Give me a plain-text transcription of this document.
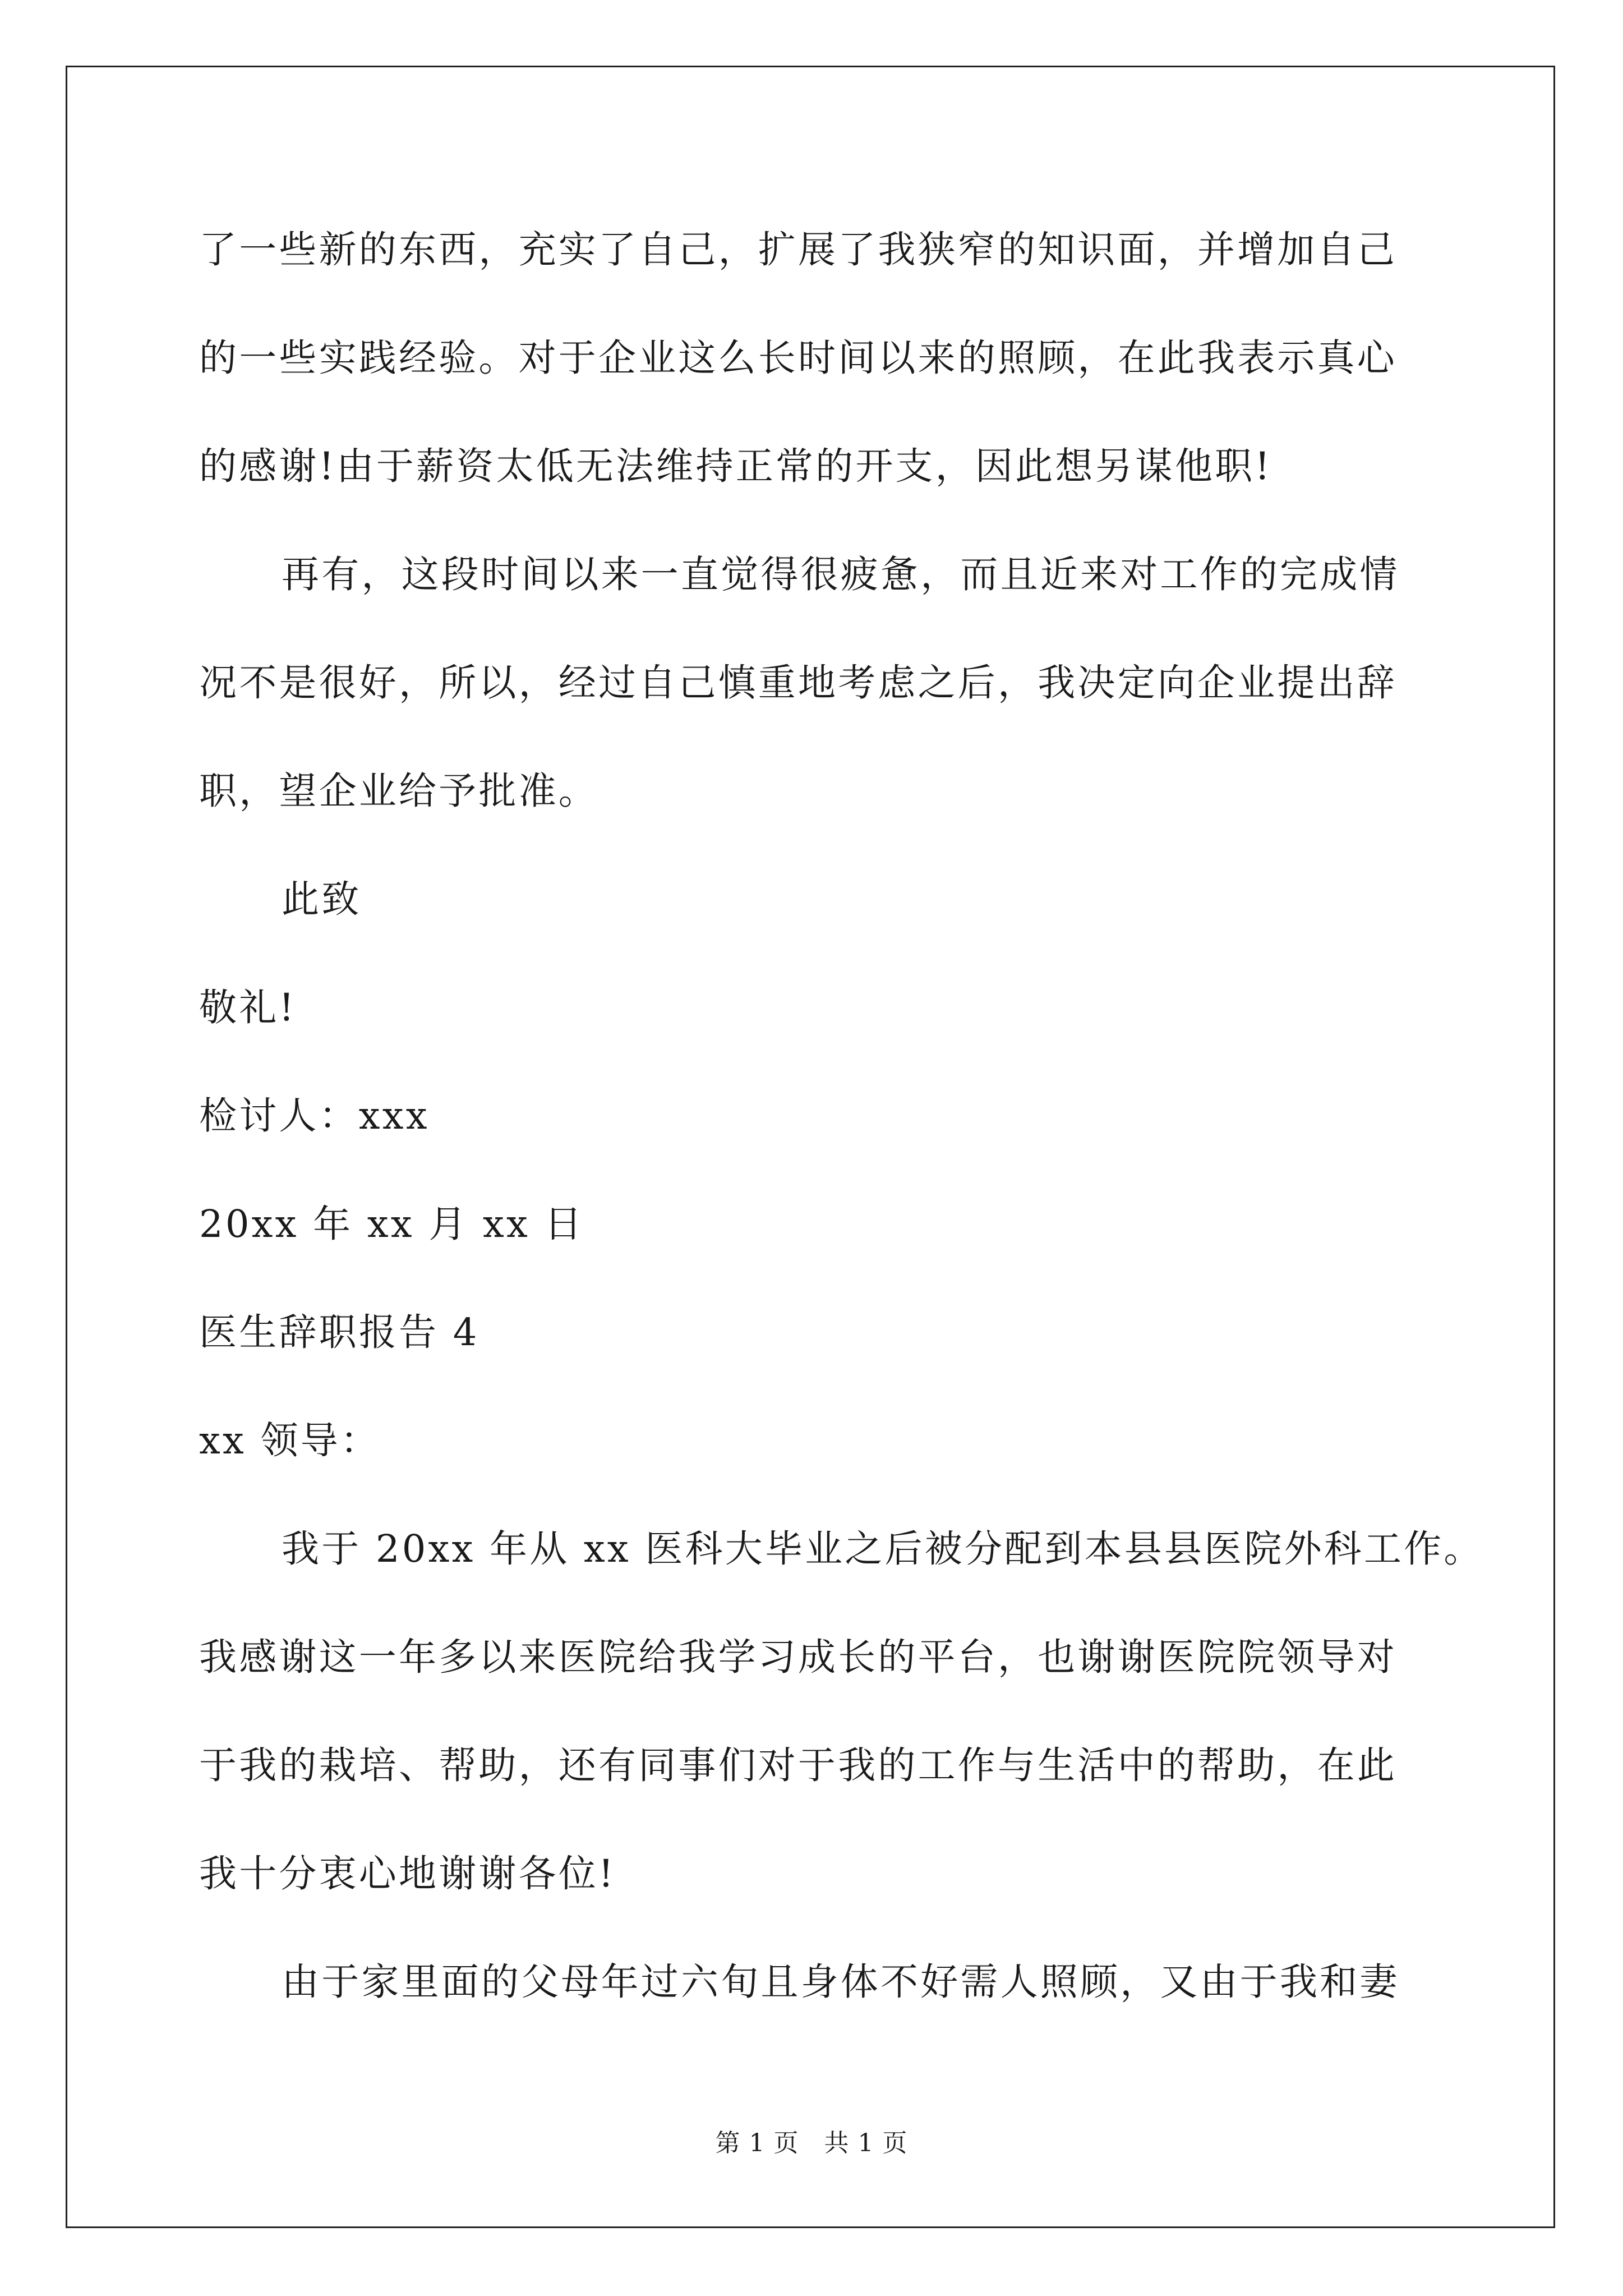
了一些新的东西，充实了自己，扩展了我狭窄的知识面，并增加自己
的一些实践经验。对于企业这么长时间以来的照顾，在此我表示真心
的感谢!由于薪资太低无法维持正常的开支，因此想另谋他职!
再有，这段时间以来一直觉得很疲惫，而且近来对工作的完成情
况不是很好，所以，经过自己慎重地考虑之后，我决定向企业提出辞
职，望企业给予批准。
此致
敬礼!
检讨人：xxx
20xx 年 xx 月 xx 日
医生辞职报告 4
xx 领导：
我于 20xx 年从 xx 医科大毕业之后被分配到本县县医院外科工作。
我感谢这一年多以来医院给我学习成长的平台，也谢谢医院院领导对
于我的栽培、帮助，还有同事们对于我的工作与生活中的帮助，在此
我十分衷心地谢谢各位!
由于家里面的父母年过六旬且身体不好需人照顾，又由于我和妻
第 1 页　共 1 页
